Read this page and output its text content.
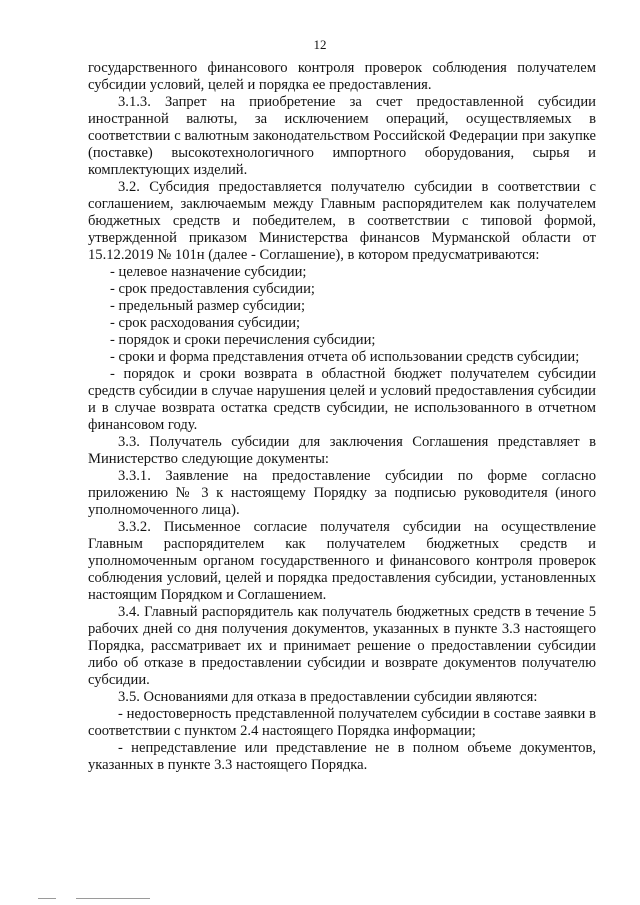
12

государственного финансового контроля проверок соблюдения получателем субсидии условий, целей и порядка ее предоставления.

3.1.3. Запрет на приобретение за счет предоставленной субсидии иностранной валюты, за исключением операций, осуществляемых в соответствии с валютным законодательством Российской Федерации при закупке (поставке) высокотехнологичного импортного оборудования, сырья и комплектующих изделий.

3.2. Субсидия предоставляется получателю субсидии в соответствии с соглашением, заключаемым между Главным распорядителем как получателем бюджетных средств и победителем, в соответствии с типовой формой, утвержденной приказом Министерства финансов Мурманской области от 15.12.2019 № 101н (далее - Соглашение), в котором предусматриваются:

- целевое назначение субсидии;

- срок предоставления субсидии;

- предельный размер субсидии;

- срок расходования субсидии;

- порядок и сроки перечисления субсидии;

- сроки и форма представления отчета об использовании средств субсидии;

- порядок и сроки возврата в областной бюджет получателем субсидии средств субсидии в случае нарушения целей и условий предоставления субсидии и в случае возврата остатка средств субсидии, не использованного в отчетном финансовом году.

3.3. Получатель субсидии для заключения Соглашения представляет в Министерство следующие документы:

3.3.1. Заявление на предоставление субсидии по форме согласно приложению № 3 к настоящему Порядку за подписью руководителя (иного уполномоченного лица).

3.3.2. Письменное согласие получателя субсидии на осуществление Главным распорядителем как получателем бюджетных средств и уполномоченным органом государственного и финансового контроля проверок соблюдения условий, целей и порядка предоставления субсидии, установленных настоящим Порядком и Соглашением.

3.4. Главный распорядитель как получатель бюджетных средств в течение 5 рабочих дней со дня получения документов, указанных в пункте 3.3 настоящего Порядка, рассматривает их и принимает решение о предоставлении субсидии либо об отказе в предоставлении субсидии и возврате документов получателю субсидии.

3.5. Основаниями для отказа в предоставлении субсидии являются:

- недостоверность представленной получателем субсидии в составе заявки в соответствии с пунктом 2.4 настоящего Порядка информации;

- непредставление или представление не в полном объеме документов, указанных в пункте 3.3 настоящего Порядка.
